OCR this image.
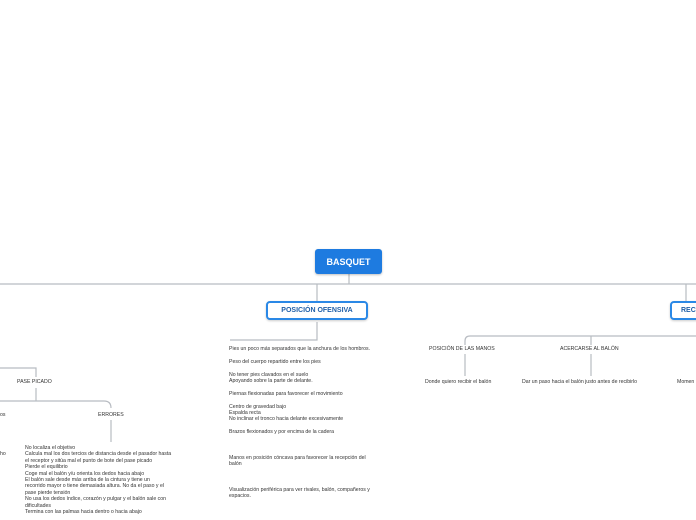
BASQUET
POSICIÓN OFENSIVA	REC
PASE PICADO
os	ERRORES
ho
No localiza el objetivo
Calcula mal los dos tercios de distancia desde el pasador hasta
el receptor y sitúa mal el punto de bote del pase picado
Pierde el equilibrio
Coge mal el balón y/u orienta los dedos hacia abajo
El balón sale desde más arriba de la cintura y tiene un
recorrido mayor o tiene demasiada altura. No da el paso y el
pase pierde tensión
No usa los dedos índice, corazón y pulgar y el balón sale con
dificultades
Termina con las palmas hacia dentro o hacia abajo
Pies un poco más separados que la anchura de los hombros.
Peso del cuerpo repartido entre los pies
No tener pies clavados en el suelo
Apoyando sobre la parte de delante.
Piernas flexionadas para favorecer el movimiento
Centro de gravedad bajo
Espalda recta
No inclinar el tronco hacia delante excesivamente
Brazos flexionados y por encima de la cadera
Manos en posición cóncava para favorecer la recepción del
balón
Visualización periférica para ver rivales, balón, compañeros y
espacios.
POSICIÓN DE LAS MANOS
Donde quiero recibir el balón
ACERCARSE AL BALÓN
Dar un paso hacia el balón justo antes de recibirlo	Momen
